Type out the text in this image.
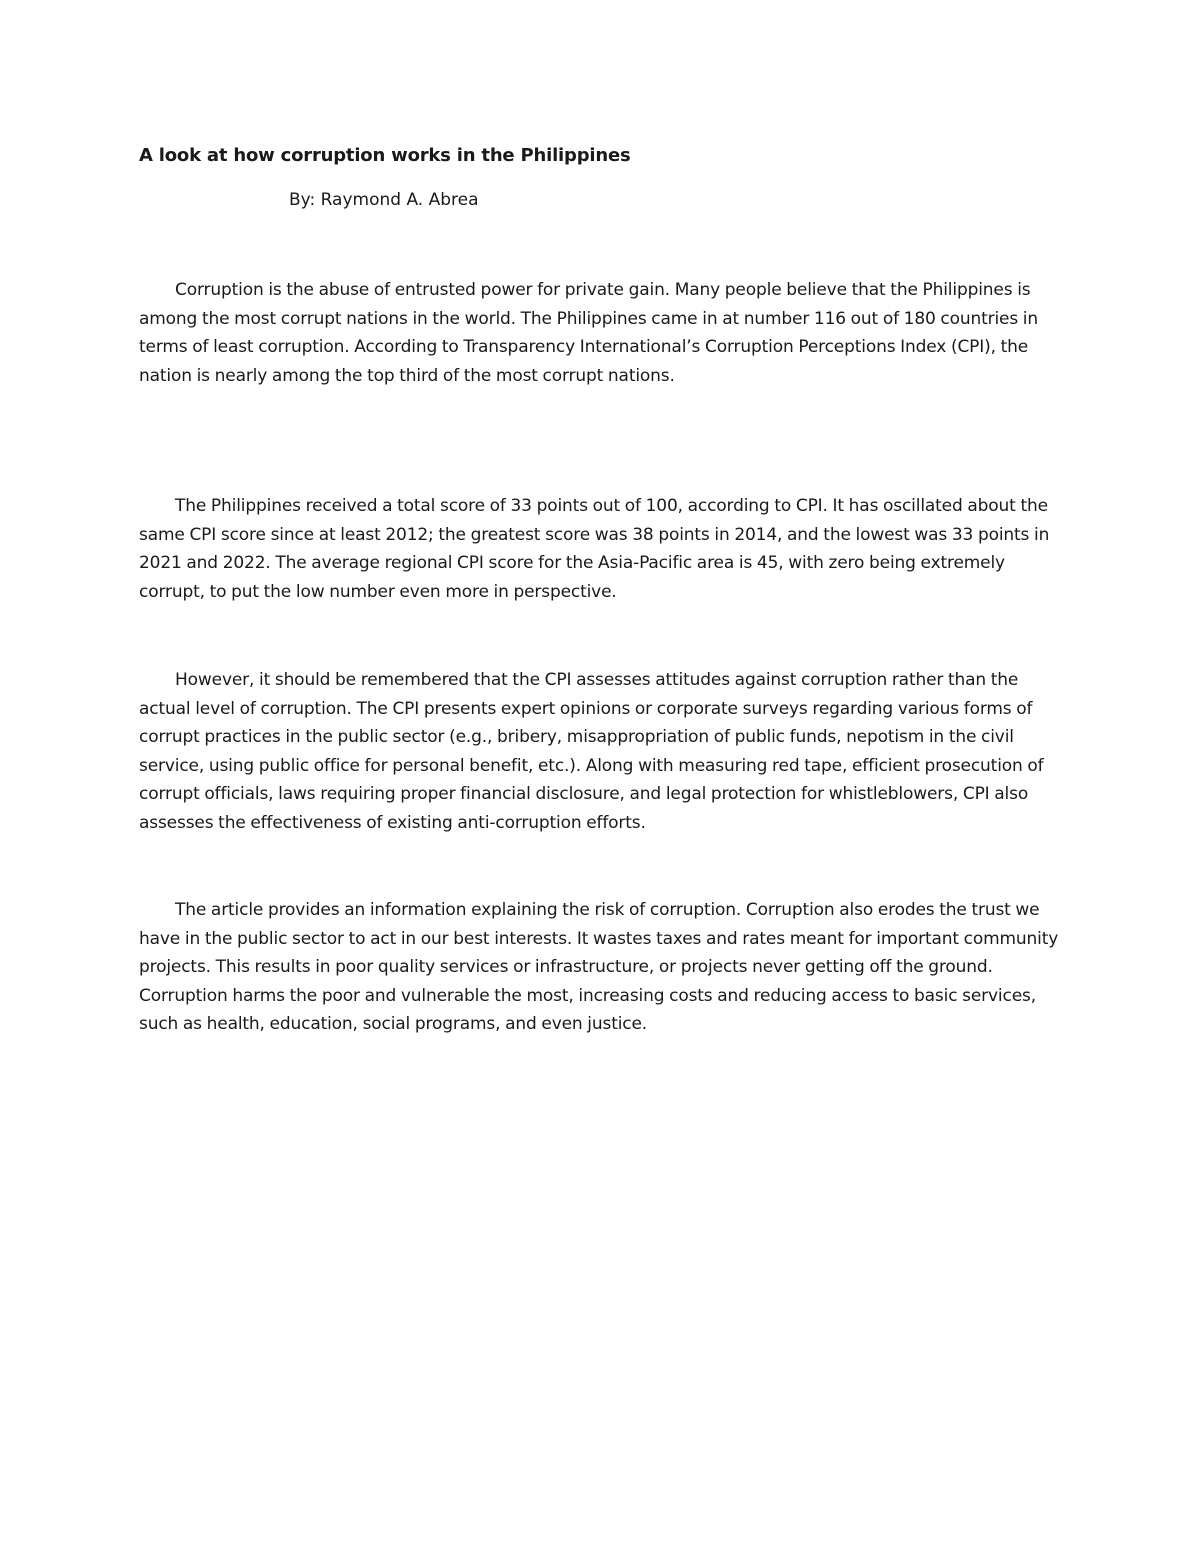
A look at how corruption works in the Philippines

By: Raymond A. Abrea

Corruption is the abuse of entrusted power for private gain. Many people believe that the Philippines is among the most corrupt nations in the world. The Philippines came in at number 116 out of 180 countries in terms of least corruption. According to Transparency International’s Corruption Perceptions Index (CPI), the nation is nearly among the top third of the most corrupt nations.

The Philippines received a total score of 33 points out of 100, according to CPI. It has oscillated about the same CPI score since at least 2012; the greatest score was 38 points in 2014, and the lowest was 33 points in 2021 and 2022. The average regional CPI score for the Asia-Pacific area is 45, with zero being extremely corrupt, to put the low number even more in perspective.

However, it should be remembered that the CPI assesses attitudes against corruption rather than the actual level of corruption. The CPI presents expert opinions or corporate surveys regarding various forms of corrupt practices in the public sector (e.g., bribery, misappropriation of public funds, nepotism in the civil service, using public office for personal benefit, etc.). Along with measuring red tape, efficient prosecution of corrupt officials, laws requiring proper financial disclosure, and legal protection for whistleblowers, CPI also assesses the effectiveness of existing anti-corruption efforts.

The article provides an information explaining the risk of corruption. Corruption also erodes the trust we have in the public sector to act in our best interests. It wastes taxes and rates meant for important community projects. This results in poor quality services or infrastructure, or projects never getting off the ground. Corruption harms the poor and vulnerable the most, increasing costs and reducing access to basic services, such as health, education, social programs, and even justice.
